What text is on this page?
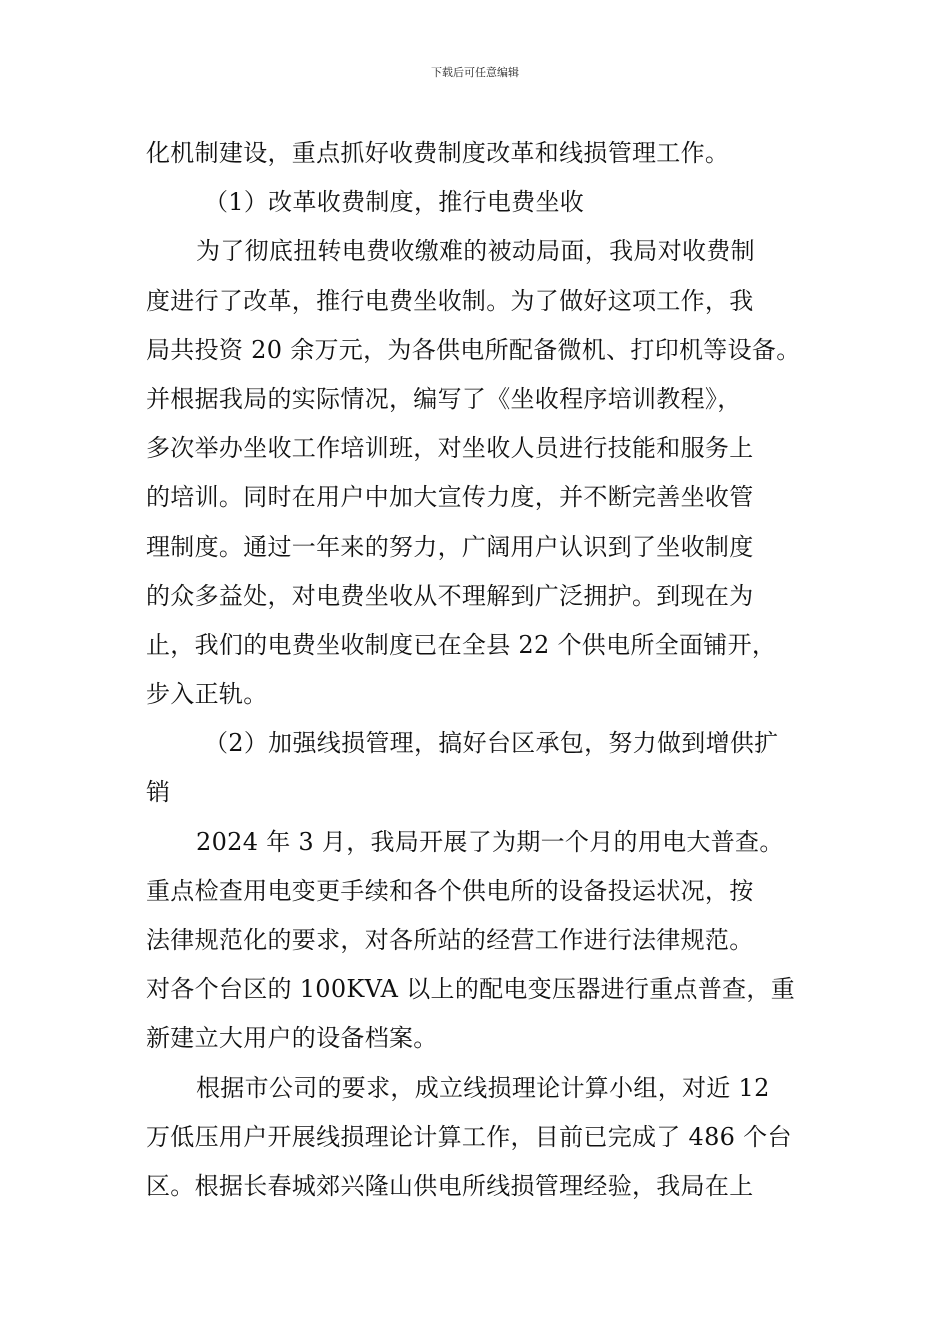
下载后可任意编辑
化机制建设，重点抓好收费制度改革和线损管理工作。
（1）改革收费制度，推行电费坐收
为了彻底扭转电费收缴难的被动局面，我局对收费制
度进行了改革，推行电费坐收制。为了做好这项工作，我
局共投资 20 余万元，为各供电所配备微机、打印机等设备。
并根据我局的实际情况，编写了《坐收程序培训教程》，
多次举办坐收工作培训班，对坐收人员进行技能和服务上
的培训。同时在用户中加大宣传力度，并不断完善坐收管
理制度。通过一年来的努力，广阔用户认识到了坐收制度
的众多益处，对电费坐收从不理解到广泛拥护。到现在为
止，我们的电费坐收制度已在全县 22 个供电所全面铺开，
步入正轨。
（2）加强线损管理，搞好台区承包，努力做到增供扩
销
2024 年 3 月，我局开展了为期一个月的用电大普查。
重点检查用电变更手续和各个供电所的设备投运状况，按
法律规范化的要求，对各所站的经营工作进行法律规范。
对各个台区的 100KVA 以上的配电变压器进行重点普查，重
新建立大用户的设备档案。
根据市公司的要求，成立线损理论计算小组，对近 12
万低压用户开展线损理论计算工作，目前已完成了 486 个台
区。根据长春城郊兴隆山供电所线损管理经验，我局在上
